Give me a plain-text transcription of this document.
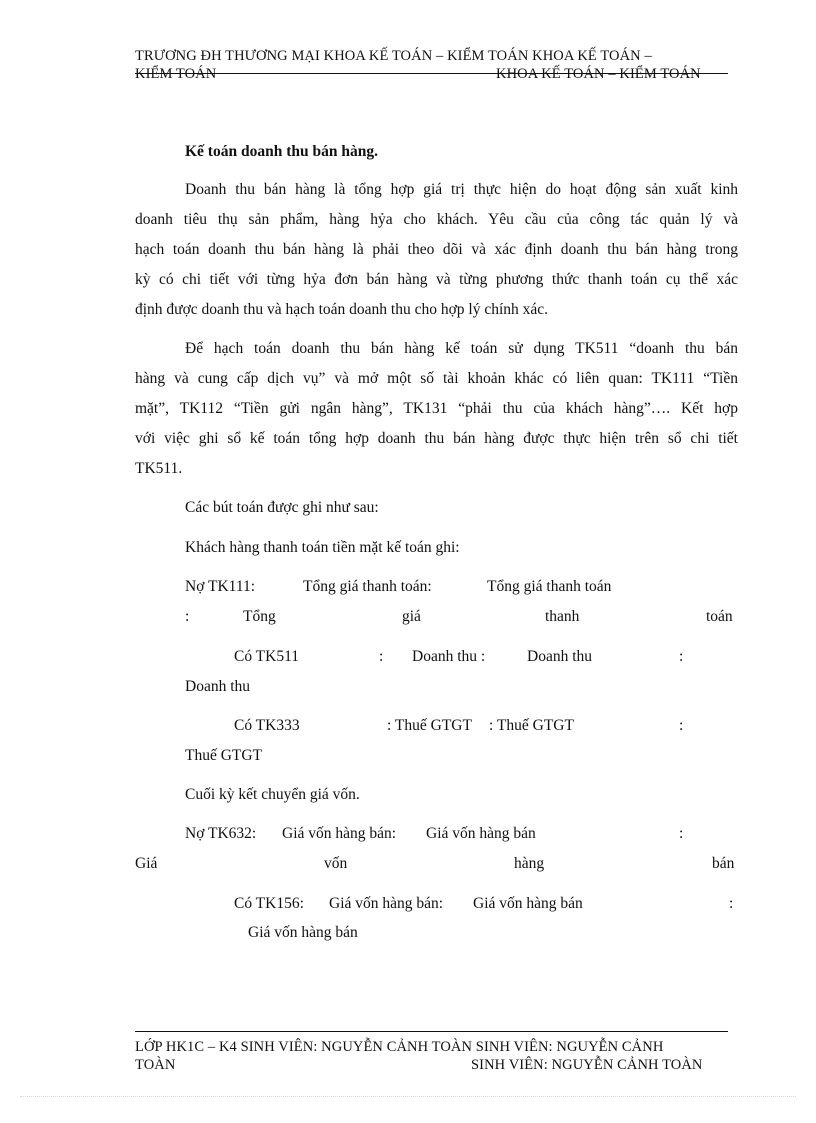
TRƯƠNG ĐH THƯƠNG MẠI KHOA KẾ TOÁN – KIỂM TOÁN KHOA KẾ TOÁN –
KIỂM TOÁN	KHOA KẾ TOÁN – KIỂM TOÁN
Kế toán doanh thu bán hàng.
Doanh thu bán hàng là tổng hợp giá trị thực hiện do hoạt động sản xuất kinh
doanh tiêu thụ sản phẩm, hàng hỷa cho khách. Yêu cầu của công tác quản lý và
hạch toán doanh thu bán hàng là phải theo dõi và xác định doanh thu bán hàng trong
kỳ có chi tiết với từng hỷa đơn bán hàng và từng phương thức thanh toán cụ thể xác
định được doanh thu và hạch toán doanh thu cho hợp lý chính xác.
Để hạch toán doanh thu bán hàng kế toán sử dụng TK511 “doanh thu bán
hàng và cung cấp dịch vụ” và mở một số tài khoản khác có liên quan: TK111 “Tiền
mặt”, TK112 “Tiền gửi ngân hàng”, TK131 “phải thu của khách hàng”…. Kết hợp
với việc ghi sổ kế toán tổng hợp doanh thu bán hàng được thực hiện trên sổ chi tiết
TK511.
Các bút toán được ghi như sau:
Khách hàng thanh toán tiền mặt kế toán ghi:
Nợ TK111:	Tổng giá thanh toán:	Tổng giá thanh toán
:	Tổng	giá	thanh	toán
Có TK511	: Doanh thu :	Doanh thu	:
Doanh thu
Có TK333	: Thuế GTGT : Thuế GTGT	:
Thuế GTGT
Cuối kỳ kết chuyển giá vốn.
Nợ TK632: Giá vốn hàng bán: Giá vốn hàng bán	:
Giá	vốn	hàng	bán
Có TK156: Giá vốn hàng bán: Giá vốn hàng bán	:
Giá vốn hàng bán
LỚP HK1C – K4 SINH VIÊN: NGUYỄN CẢNH TOÀN SINH VIÊN: NGUYỄN CẢNH
TOÀN	SINH VIÊN: NGUYỄN CẢNH TOÀN
